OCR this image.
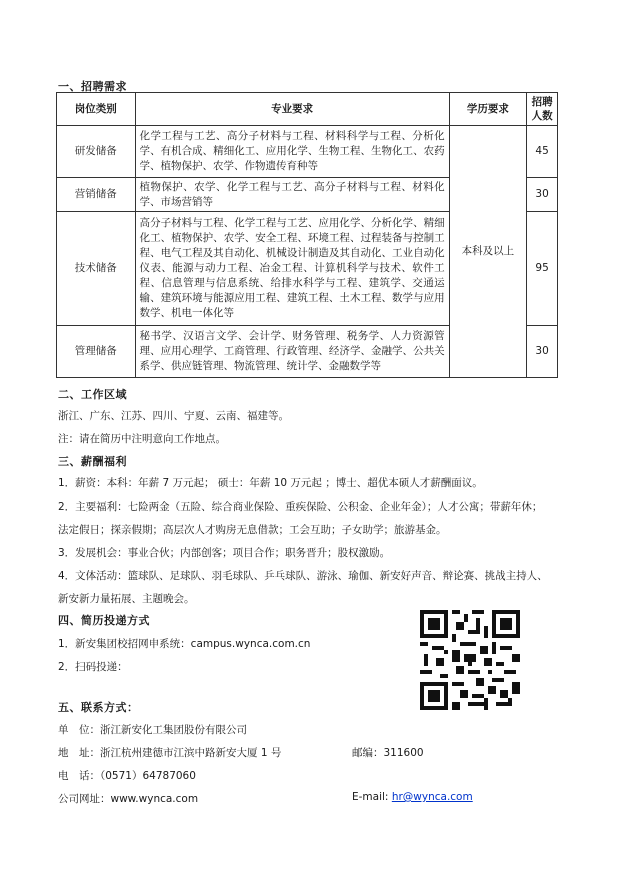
一、招聘需求
岗位类别	专业要求	学历要求	招聘人数
研发储备	化学工程与工艺、高分子材料与工程、材料科学与工程、分析化学、有机合成、精细化工、应用化学、生物工程、生物化工、农药学、植物保护、农学、作物遗传育种等	本科及以上	45
营销储备	植物保护、农学、化学工程与工艺、高分子材料与工程、材料化学、市场营销等		30
技术储备	高分子材料与工程、化学工程与工艺、应用化学、分析化学、精细化工、植物保护、农学、安全工程、环境工程、过程装备与控制工程、电气工程及其自动化、机械设计制造及其自动化、工业自动化仪表、能源与动力工程、冶金工程、计算机科学与技术、软件工程、信息管理与信息系统、给排水科学与工程、建筑学、交通运输、建筑环境与能源应用工程、建筑工程、土木工程、数学与应用数学、机电一体化等		95
管理储备	秘书学、汉语言文学、会计学、财务管理、税务学、人力资源管理、应用心理学、工商管理、行政管理、经济学、金融学、公共关系学、供应链管理、物流管理、统计学、金融数学等		30
二、工作区域
浙江、广东、江苏、四川、宁夏、云南、福建等。
注：请在简历中注明意向工作地点。
三、薪酬福利
1．薪资：本科：年薪 7 万元起； 硕士：年薪 10 万元起 ；博士、超优本硕人才薪酬面议。
2．主要福利：七险两金（五险、综合商业保险、重疾保险、公积金、企业年金）；人才公寓；带薪年休；
法定假日；探亲假期；高层次人才购房无息借款；工会互助；子女助学；旅游基金。
3．发展机会：事业合伙；内部创客；项目合作；职务晋升；股权激励。
4．文体活动：篮球队、足球队、羽毛球队、乒乓球队、游泳、瑜伽、新安好声音、辩论赛、挑战主持人、
新安新力量拓展、主题晚会。
四、简历投递方式
1．新安集团校招网申系统：campus.wynca.com.cn
2．扫码投递：
五、联系方式：
单　位：浙江新安化工集团股份有限公司
地　址：浙江杭州建德市江滨中路新安大厦 1 号	邮编：311600
电　话：（0571）64787060
公司网址：www.wynca.com	E-mail: hr@wynca.com
